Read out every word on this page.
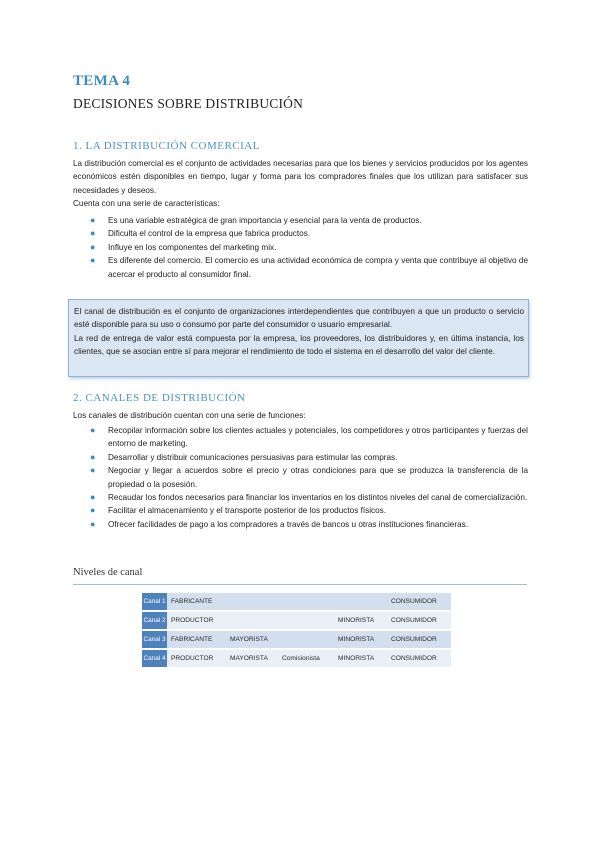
TEMA 4
DECISIONES SOBRE DISTRIBUCIÓN
1. LA DISTRIBUCIÓN COMERCIAL

La distribución comercial es el conjunto de actividades necesarias para que los bienes y servicios producidos por los agentes económicos estén disponibles en tiempo, lugar y forma para los compradores finales que los utilizan para satisfacer sus necesidades y deseos.

Cuenta con una serie de características:

● Es una variable estratégica de gran importancia y esencial para la venta de productos.
● Dificulta el control de la empresa que fabrica productos.
● Influye en los componentes del marketing mix.
● Es diferente del comercio. El comercio es una actividad económica de compra y venta que contribuye al objetivo de acercar el producto al consumidor final.

El canal de distribución es el conjunto de organizaciones interdependientes que contribuyen a que un producto o servicio esté disponible para su uso o consumo por parte del consumidor o usuario empresarial.

La red de entrega de valor está compuesta por la empresa, los proveedores, los distribuidores y, en última instancia, los clientes, que se asocian entre sí para mejorar el rendimiento de todo el sistema en el desarrollo del valor del cliente.

2. CANALES DE DISTRIBUCIÓN
Los canales de distribución cuentan con una serie de funciones:
● Recopilar información sobre los clientes actuales y potenciales, los competidores y otros participantes y fuerzas del entorno de marketing.
● Desarrollar y distribuir comunicaciones persuasivas para estimular las compras.
● Negociar y llegar a acuerdos sobre el precio y otras condiciones para que se produzca la transferencia de la propiedad o la posesión.
● Recaudar los fondos necesarios para financiar los inventarios en los distintos niveles del canal de comercialización.
● Facilitar el almacenamiento y el transporte posterior de los productos físicos.
● Ofrecer facilidades de pago a los compradores a través de bancos u otras instituciones financieras.
Niveles de canal
Canal 1	FABRICANTE				CONSUMIDOR
Canal 2	PRODUCTOR			MINORISTA	CONSUMIDOR
Canal 3	FABRICANTE	MAYORISTA		MINORISTA	CONSUMIDOR
Canal 4	PRODUCTOR	MAYORISTA	Comisionista	MINORISTA	CONSUMIDOR
